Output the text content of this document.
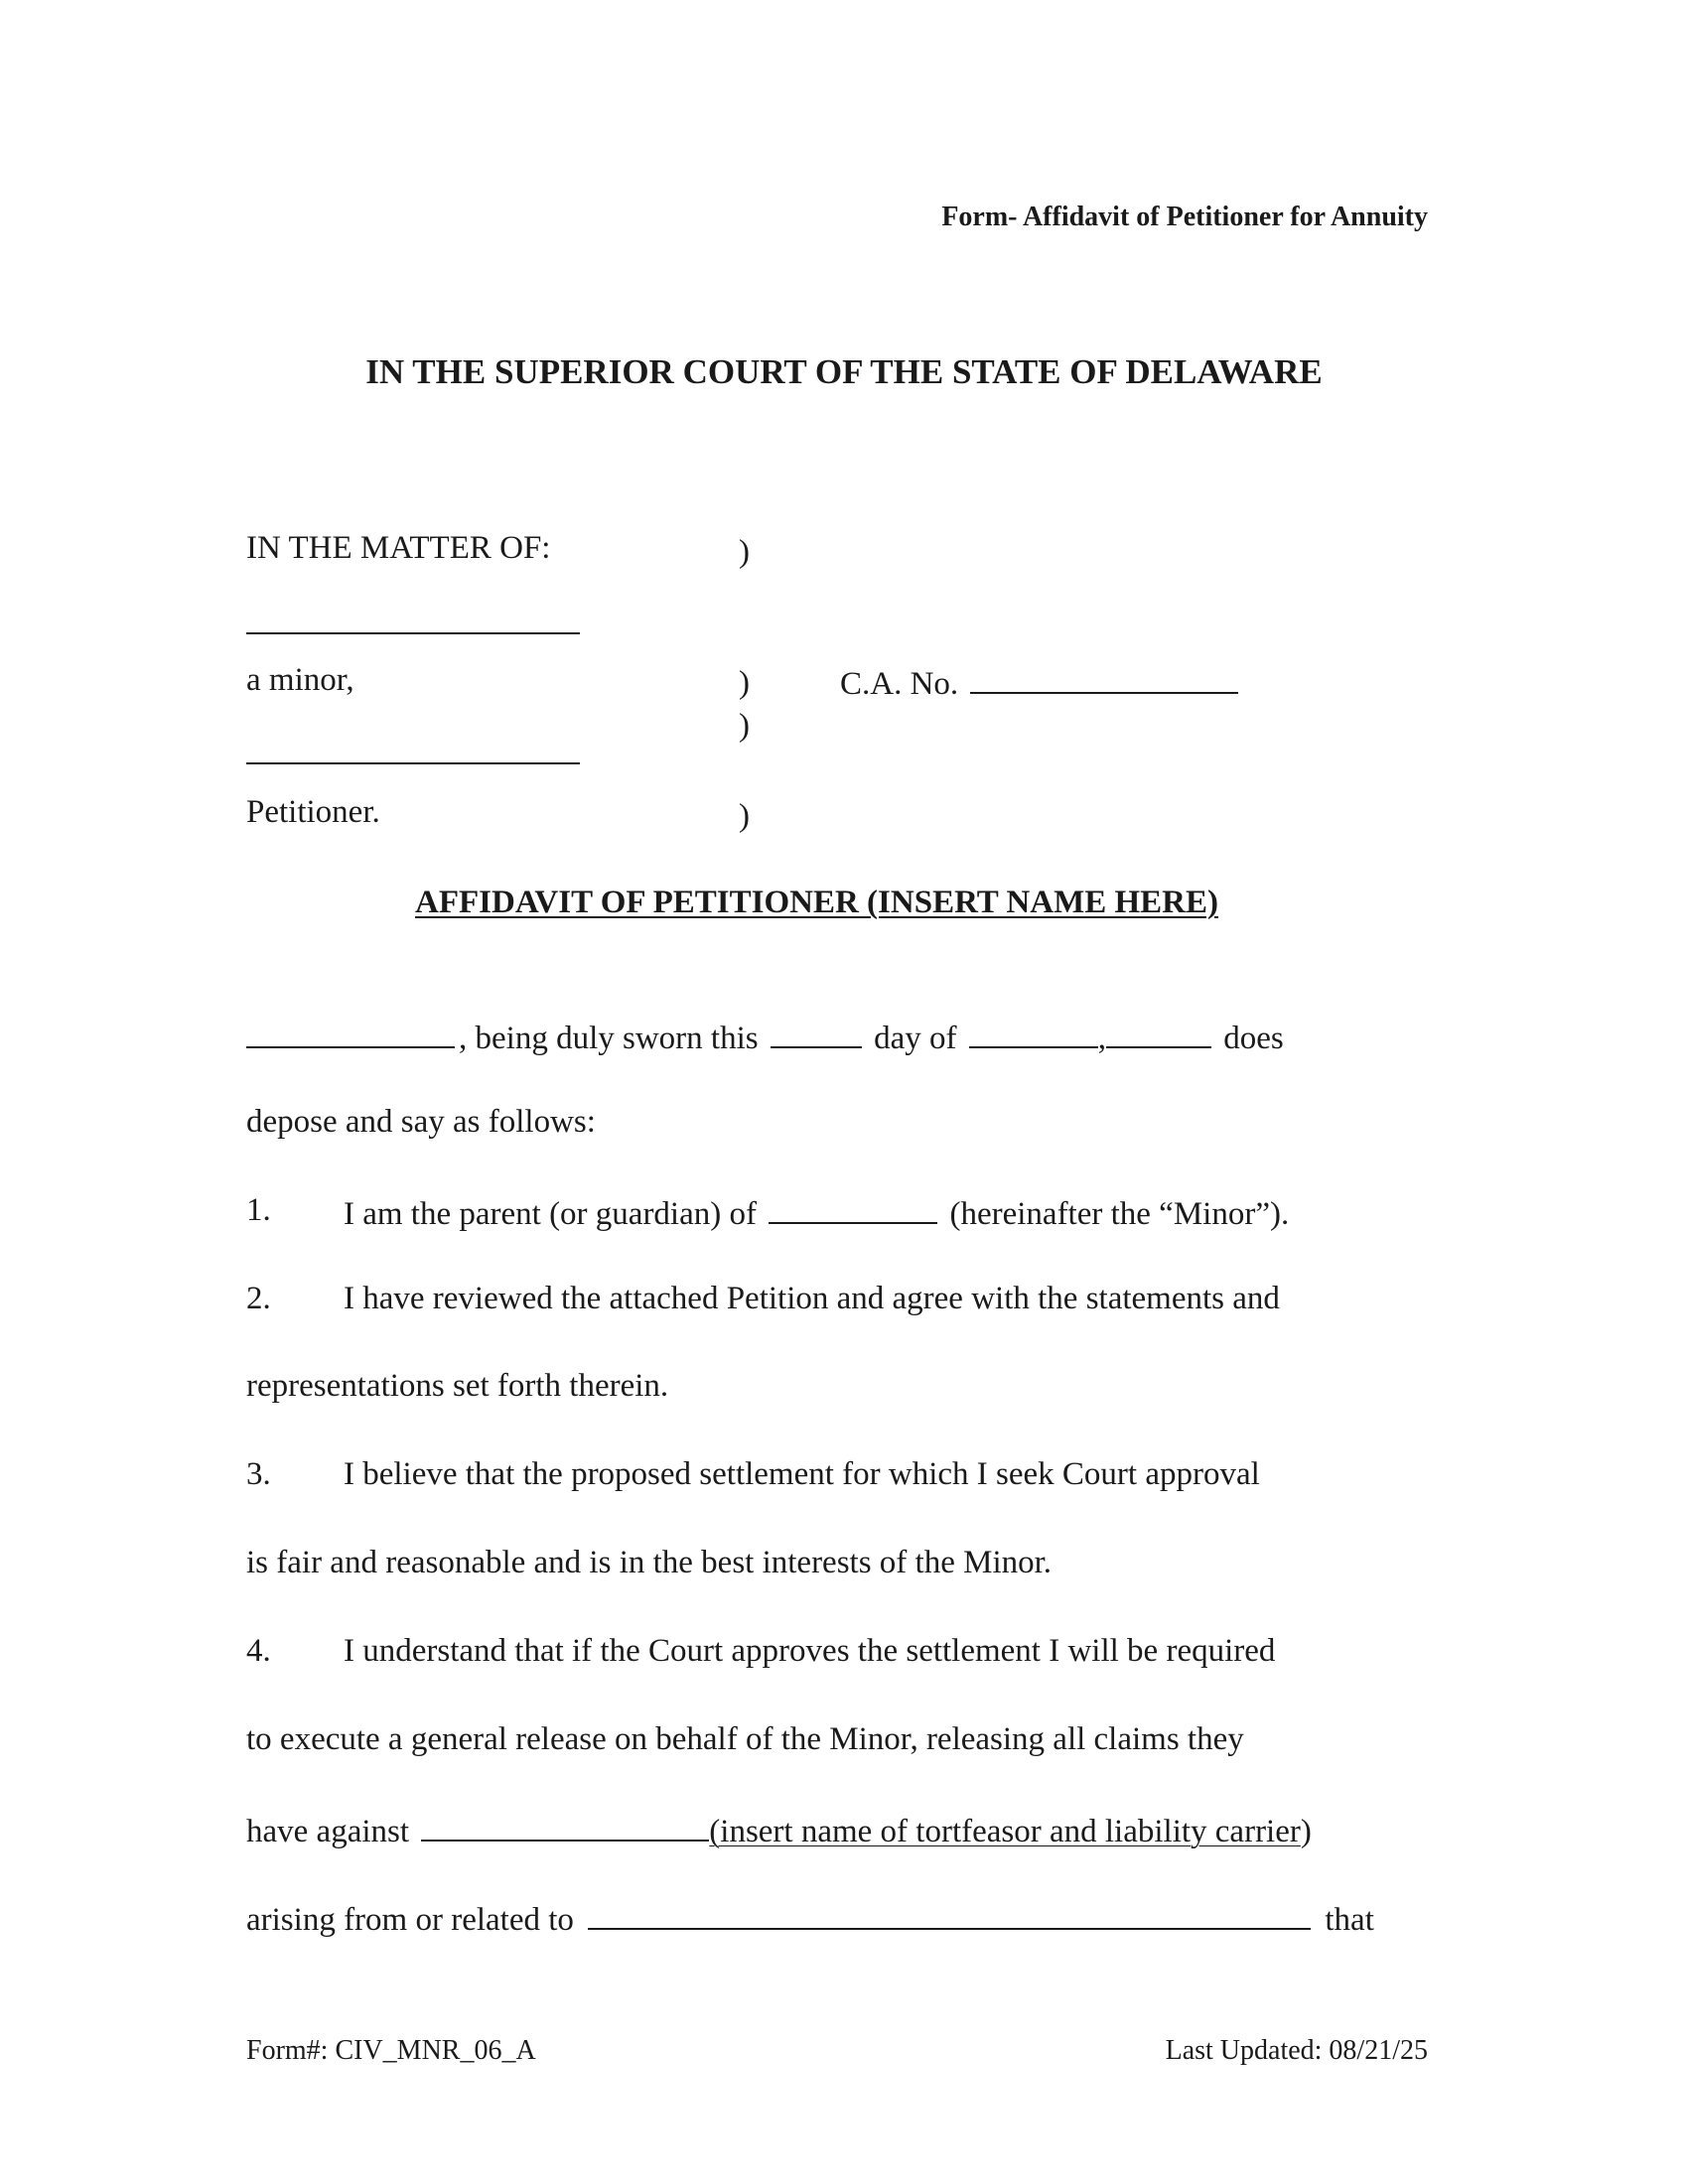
Form- Affidavit of Petitioner for Annuity
IN THE SUPERIOR COURT OF THE STATE OF DELAWARE
IN THE MATTER OF:	)
a minor,	)
)
C.A. No.
Petitioner.	)
AFFIDAVIT OF PETITIONER (INSERT NAME HERE)
, being duly sworn this	day of	,	does
depose and say as follows:
1. I am the parent (or guardian) of	(hereinafter the “Minor”).
2. I have reviewed the attached Petition and agree with the statements and
representations set forth therein.
3. I believe that the proposed settlement for which I seek Court approval
is fair and reasonable and is in the best interests of the Minor.
4. I understand that if the Court approves the settlement I will be required
to execute a general release on behalf of the Minor, releasing all claims they
have against	(insert name of tortfeasor and liability carrier)
arising from or related to	that
Form#: CIV_MNR_06_A	Last Updated: 08/21/25
